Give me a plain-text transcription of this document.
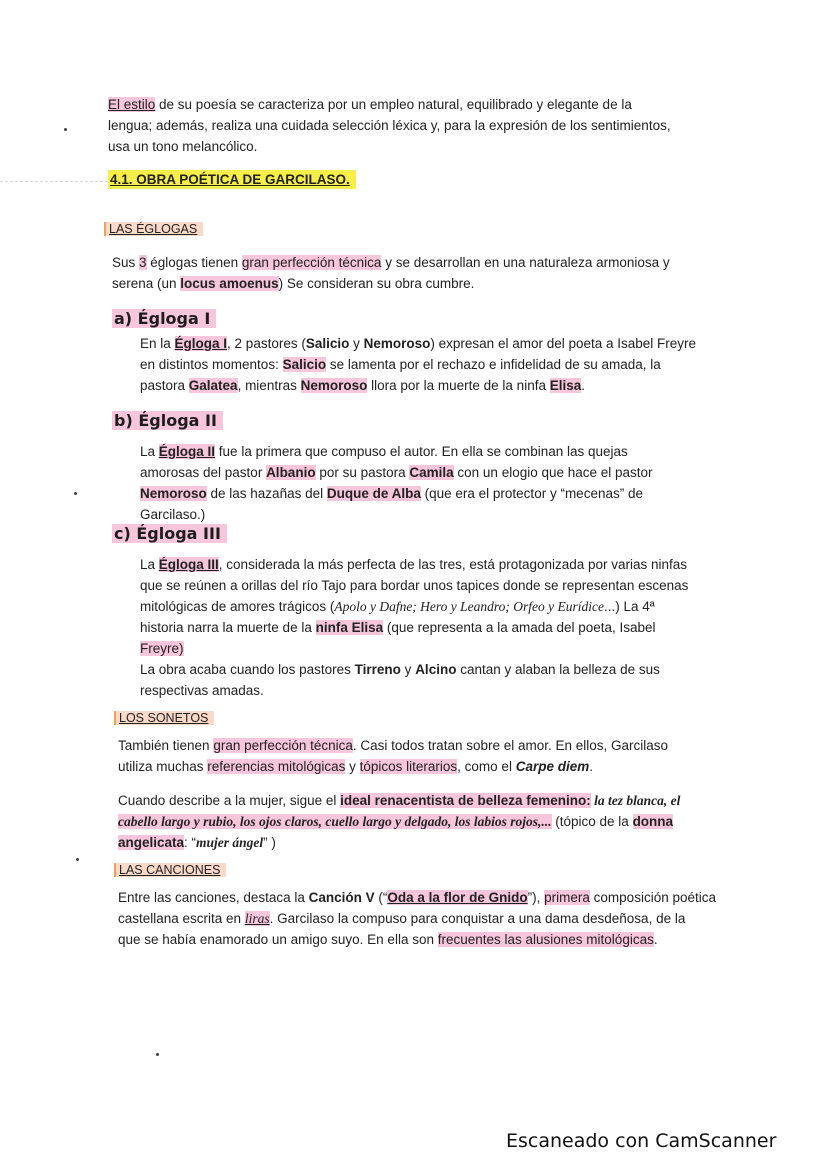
El estilo de su poesía se caracteriza por un empleo natural, equilibrado y elegante de la
lengua; además, realiza una cuidada selección léxica y, para la expresión de los sentimientos,
usa un tono melancólico.
4.1. OBRA POÉTICA DE GARCILASO.
LAS ÉGLOGAS
Sus 3 églogas tienen gran perfección técnica y se desarrollan en una naturaleza armoniosa y
serena (un locus amoenus) Se consideran su obra cumbre.
a) Égloga I
En la Égloga I, 2 pastores (Salicio y Nemoroso) expresan el amor del poeta a Isabel Freyre
en distintos momentos: Salicio se lamenta por el rechazo e infidelidad de su amada, la
pastora Galatea, mientras Nemoroso llora por la muerte de la ninfa Elisa.
b) Égloga II
La Égloga II fue la primera que compuso el autor. En ella se combinan las quejas
amorosas del pastor Albanio por su pastora Camila con un elogio que hace el pastor
Nemoroso de las hazañas del Duque de Alba (que era el protector y “mecenas” de
Garcilaso.)
c) Égloga III
La Égloga III, considerada la más perfecta de las tres, está protagonizada por varias ninfas
que se reúnen a orillas del río Tajo para bordar unos tapices donde se representan escenas
mitológicas de amores trágicos (Apolo y Dafne; Hero y Leandro; Orfeo y Eurídice...) La 4ª
historia narra la muerte de la ninfa Elisa (que representa a la amada del poeta, Isabel
Freyre)
La obra acaba cuando los pastores Tirreno y Alcino cantan y alaban la belleza de sus
respectivas amadas.
LOS SONETOS
También tienen gran perfección técnica. Casi todos tratan sobre el amor. En ellos, Garcilaso
utiliza muchas referencias mitológicas y tópicos literarios, como el Carpe diem.
Cuando describe a la mujer, sigue el ideal renacentista de belleza femenino: la tez blanca, el
cabello largo y rubio, los ojos claros, cuello largo y delgado, los labios rojos,... (tópico de la donna
angelicata: “mujer ángel” )
LAS CANCIONES
Entre las canciones, destaca la Canción V (“Oda a la flor de Gnido”), primera composición poética
castellana escrita en liras. Garcilaso la compuso para conquistar a una dama desdeñosa, de la
que se había enamorado un amigo suyo. En ella son frecuentes las alusiones mitológicas.
Escaneado con CamScanner
